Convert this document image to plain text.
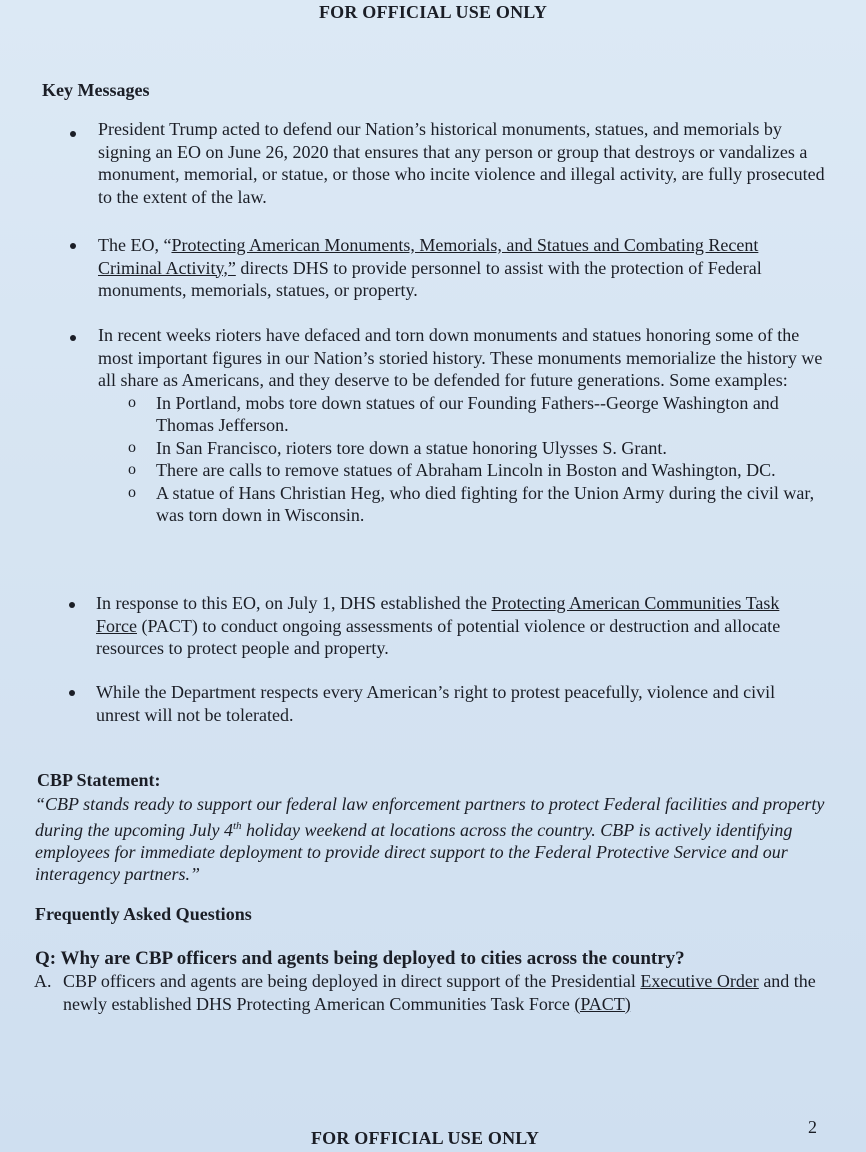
FOR OFFICIAL USE ONLY
Key Messages

President Trump acted to defend our Nation’s historical monuments, statues, and memorials by signing an EO on June 26, 2020 that ensures that any person or group that destroys or vandalizes a monument, memorial, or statue, or those who incite violence and illegal activity, are fully prosecuted to the extent of the law.

The EO, “Protecting American Monuments, Memorials, and Statues and Combating Recent Criminal Activity,” directs DHS to provide personnel to assist with the protection of Federal monuments, memorials, statues, or property.

In recent weeks rioters have defaced and torn down monuments and statues honoring some of the most important figures in our Nation’s storied history. These monuments memorialize the history we all share as Americans, and they deserve to be defended for future generations. Some examples:

o In Portland, mobs tore down statues of our Founding Fathers--George Washington and Thomas Jefferson.
o In San Francisco, rioters tore down a statue honoring Ulysses S. Grant.
o There are calls to remove statues of Abraham Lincoln in Boston and Washington, DC.
o A statue of Hans Christian Heg, who died fighting for the Union Army during the civil war, was torn down in Wisconsin.

In response to this EO, on July 1, DHS established the Protecting American Communities Task Force (PACT) to conduct ongoing assessments of potential violence or destruction and allocate resources to protect people and property.

While the Department respects every American’s right to protest peacefully, violence and civil unrest will not be tolerated.

CBP Statement:
“CBP stands ready to support our federal law enforcement partners to protect Federal facilities and property during the upcoming July 4th holiday weekend at locations across the country. CBP is actively identifying employees for immediate deployment to provide direct support to the Federal Protective Service and our interagency partners.”
Frequently Asked Questions
Q: Why are CBP officers and agents being deployed to cities across the country?
A. CBP officers and agents are being deployed in direct support of the Presidential Executive Order and the newly established DHS Protecting American Communities Task Force (PACT)
2
FOR OFFICIAL USE ONLY
